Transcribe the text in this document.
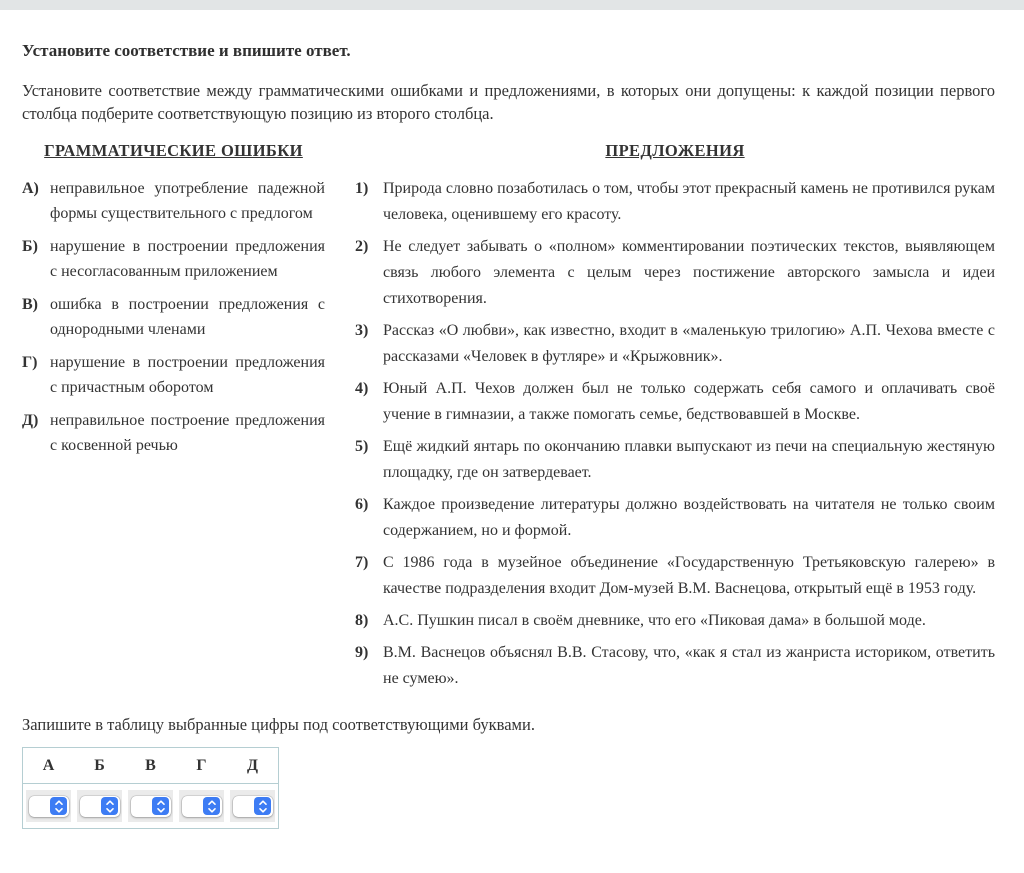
Установите соответствие и впишите ответ.
Установите соответствие между грамматическими ошибками и предложениями, в которых они допущены: к каждой позиции первого столбца подберите соответствующую позицию из второго столбца.
ГРАММАТИЧЕСКИЕ ОШИБКИ
А) неправильное употребление падежной формы существительного с предлогом
Б) нарушение в построении предложения с несогласованным приложением
В) ошибка в построении предложения с однородными членами
Г) нарушение в построении предложения с причастным оборотом
Д) неправильное построение предложения с косвенной речью
ПРЕДЛОЖЕНИЯ
1) Природа словно позаботилась о том, чтобы этот прекрасный камень не противился рукам человека, оценившему его красоту.
2) Не следует забывать о «полном» комментировании поэтических текстов, выявляющем связь любого элемента с целым через постижение авторского замысла и идеи стихотворения.
3) Рассказ «О любви», как известно, входит в «маленькую трилогию» А.П. Чехова вместе с рассказами «Человек в футляре» и «Крыжовник».
4) Юный А.П. Чехов должен был не только содержать себя самого и оплачивать своё учение в гимназии, а также помогать семье, бедствовавшей в Москве.
5) Ещё жидкий янтарь по окончанию плавки выпускают из печи на специальную жестяную площадку, где он затвердевает.
6) Каждое произведение литературы должно воздействовать на читателя не только своим содержанием, но и формой.
7) С 1986 года в музейное объединение «Государственную Третьяковскую галерею» в качестве подразделения входит Дом-музей В.М. Васнецова, открытый ещё в 1953 году.
8) А.С. Пушкин писал в своём дневнике, что его «Пиковая дама» в большой моде.
9) В.М. Васнецов объяснял В.В. Стасову, что, «как я стал из жанриста историком, ответить не сумею».
Запишите в таблицу выбранные цифры под соответствующими буквами.
А	Б	В	Г	Д
